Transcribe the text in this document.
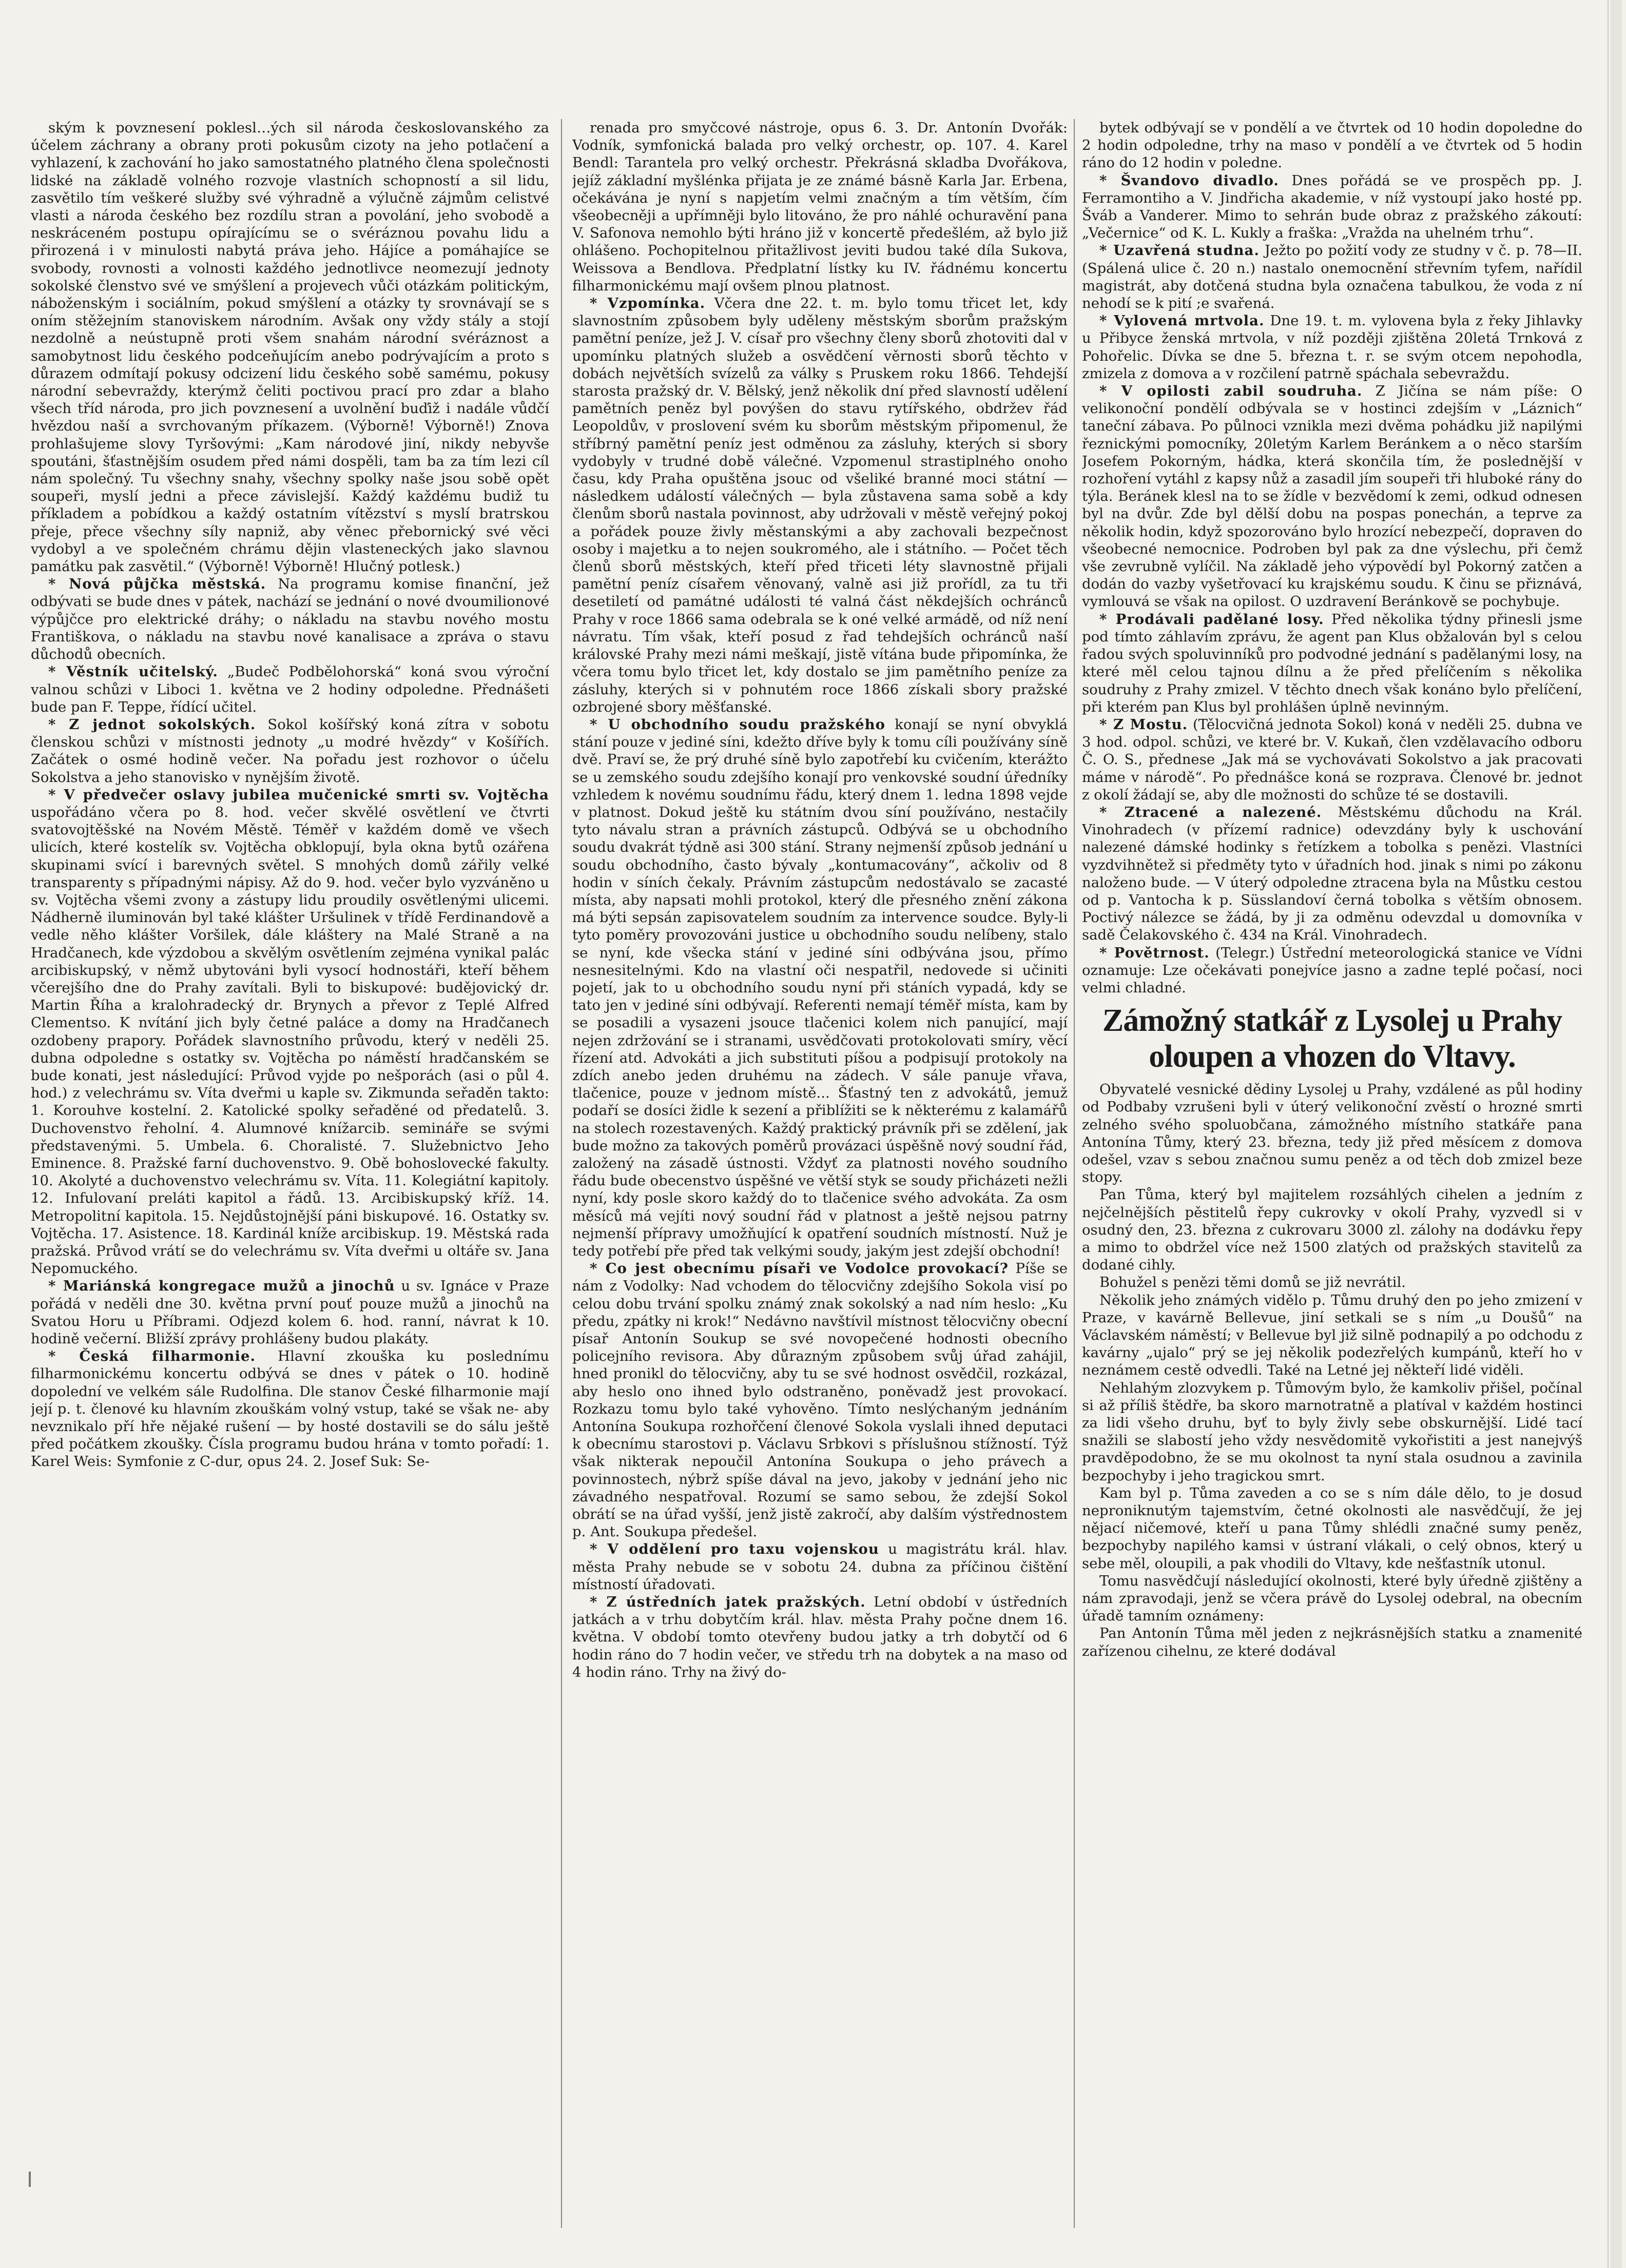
ským k povznesení poklesl…ých sil národa českoslovanského za účelem záchrany a obrany proti pokusům cizoty na jeho potlačení a vyhlazení, k zachování ho jako samostatného platného člena společnosti lidské na základě volného rozvoje vlastních schopností a sil lidu, zasvětilo tím veškeré služby své výhradně a výlučně zájmům celistvé vlasti a národa českého bez rozdílu stran a povolání, jeho svobodě a neskráceném postupu opírajícímu se o svéráznou povahu lidu a přirozená i v minulosti nabytá práva jeho. Hájíce a pomáhajíce se svobody, rovnosti a volnosti každého jednotlivce neomezují jednoty sokolské členstvo své ve smýšlení a projevech vůči otázkám politickým, náboženským i sociálním, pokud smýšlení a otázky ty srovnávají se s oním stěžejním stanoviskem národním. Avšak ony vždy stály a stojí nezdolně a neústupně proti všem snahám národní svéráznost a samobytnost lidu českého podceňujícím anebo podrývajícím a proto s důrazem odmítají pokusy odcizení lidu českého sobě samému, pokusy národní sebevraždy, kterýmž čeliti poctivou prací pro zdar a blaho všech tříd národa, pro jich povznesení a uvolnění buďiž i nadále vůdčí hvězdou naší a svrchovaným příkazem. (Výborně! Výborně!) Znova prohlašujeme slovy Tyršovými: „Kam národové jiní, nikdy nebyvše spoutáni, šťastnějším osudem před námi dospěli, tam ba za tím lezi cíl nám společný. Tu všechny snahy, všechny spolky naše jsou sobě opět soupeři, myslí jedni a přece závislejší. Každý každému budiž tu příkladem a pobídkou a každý ostatním vítězství s myslí bratrskou přeje, přece všechny síly napniž, aby věnec přebornický své věci vydobyl a ve společném chrámu dějin vlasteneckých jako slavnou památku pak zasvětil.“ (Výborně! Výborně! Hlučný potlesk.)

* Nová půjčka městská. Na programu komise finanční, jež odbývati se bude dnes v pátek, nachází se jednání o nové dvoumilionové výpůjčce pro elektrické dráhy; o nákladu na stavbu nového mostu Františkova, o nákladu na stavbu nové kanalisace a zpráva o stavu důchodů obecních.

* Věstník učitelský. „Budeč Podbělohorská“ koná svou výroční valnou schůzi v Liboci 1. května ve 2 hodiny odpoledne. Přednášeti bude pan F. Teppe, řídící učitel.

* Z jednot sokolských. Sokol košířský koná zítra v sobotu členskou schůzi v místnosti jednoty „u modré hvězdy“ v Košířích. Začátek o osmé hodině večer. Na pořadu jest rozhovor o účelu Sokolstva a jeho stanovisko v nynějším životě.

* V předvečer oslavy jubilea mučenické smrti sv. Vojtěcha uspořádáno včera po 8. hod. večer skvělé osvětlení ve čtvrti svatovojtěšské na Novém Městě. Téměř v každém domě ve všech ulicích, které kostelík sv. Vojtěcha obklopují, byla okna bytů ozářena skupinami svící i barevných světel. S mnohých domů zářily velké transparenty s případnými nápisy. Až do 9. hod. večer bylo vyzváněno u sv. Vojtěcha všemi zvony a zástupy lidu proudily osvětlenými ulicemi. Nádherně iluminován byl také klášter Uršulinek v třídě Ferdinandově a vedle něho klášter Voršilek, dále kláštery na Malé Straně a na Hradčanech, kde výzdobou a skvělým osvětlením zejména vynikal palác arcibiskupský, v němž ubytováni byli vysocí hodnostáři, kteří během včerejšího dne do Prahy zavítali. Byli to biskupové: budějovický dr. Martin Říha a kralohradecký dr. Brynych a převor z Teplé Alfred Clementso. K nvítání jich byly četné paláce a domy na Hradčanech ozdobeny prapory. Pořádek slavnostního průvodu, který v neděli 25. dubna odpoledne s ostatky sv. Vojtěcha po náměstí hradčanském se bude konati, jest následující: Průvod vyjde po nešporách (asi o půl 4. hod.) z velechrámu sv. Víta dveřmi u kaple sv. Zikmunda seřaděn takto: 1. Korouhve kostelní. 2. Katolické spolky seřaděné od předatelů. 3. Duchovenstvo řeholní. 4. Alumnové knížarcib. semináře se svými představenými. 5. Umbela. 6. Choralisté. 7. Služebnictvo Jeho Eminence. 8. Pražské farní duchovenstvo. 9. Obě bohoslovecké fakulty. 10. Akolyté a duchovenstvo velechrámu sv. Víta. 11. Kolegiátní kapitoly. 12. Infulovaní preláti kapitol a řádů. 13. Arcibiskupský kříž. 14. Metropolitní kapitola. 15. Nejdůstojnější páni biskupové. 16. Ostatky sv. Vojtěcha. 17. Asistence. 18. Kardinál kníže arcibiskup. 19. Městská rada pražská. Průvod vrátí se do velechrámu sv. Víta dveřmi u oltáře sv. Jana Nepomuckého.

* Mariánská kongregace mužů a jinochů u sv. Ignáce v Praze pořádá v neděli dne 30. května první pouť pouze mužů a jinochů na Svatou Horu u Příbrami. Odjezd kolem 6. hod. ranní, návrat k 10. hodině večerní. Bližší zprávy prohlášeny budou plakáty.

* Česká filharmonie. Hlavní zkouška ku poslednímu filharmonickému koncertu odbývá se dnes v pátek o 10. hodině dopolední ve velkém sále Rudolfina. Dle stanov České filharmonie mají její p. t. členové ku hlavním zkouškám volný vstup, také se však ne- aby nevznikalo pří hře nějaké rušení — by hosté dostavili se do sálu ještě před počátkem zkoušky. Čísla programu budou hrána v tomto pořadí: 1. Karel Weis: Symfonie z C-dur, opus 24. 2. Josef Suk: Se-

renada pro smyčcové nástroje, opus 6. 3. Dr. Antonín Dvořák: Vodník, symfonická balada pro velký orchestr, op. 107. 4. Karel Bendl: Tarantela pro velký orchestr. Překrásná skladba Dvořákova, jejíž základní myšlénka přijata je ze známé básně Karla Jar. Erbena, očekávána je nyní s napjetím velmi značným a tím větším, čím všeobecněji a upřímněji bylo litováno, že pro náhlé ochuravění pana V. Safonova nemohlo býti hráno již v koncertě předešlém, až bylo již ohlášeno. Pochopitelnou přitažlivost jeviti budou také díla Sukova, Weissova a Bendlova. Předplatní lístky ku IV. řádnému koncertu filharmonickému mají ovšem plnou platnost.

* Vzpomínka. Včera dne 22. t. m. bylo tomu třicet let, kdy slavnostním způsobem byly uděleny městským sborům pražským pamětní peníze, jež J. V. císař pro všechny členy sborů zhotoviti dal v upomínku platných služeb a osvědčení věrnosti sborů těchto v dobách největších svízelů za války s Pruskem roku 1866. Tehdejší starosta pražský dr. V. Bělský, jenž několik dní před slavností udělení pamětních peněz byl povýšen do stavu rytířského, obdržev řád Leopoldův, v proslovení svém ku sborům městským připomenul, že stříbrný pamětní peníz jest odměnou za zásluhy, kterých si sbory vydobyly v trudné době válečné. Vzpomenul strastiplného onoho času, kdy Praha opuštěna jsouc od všeliké branné moci státní — následkem událostí válečných — byla zůstavena sama sobě a kdy členům sborů nastala povinnost, aby udržovali v městě veřejný pokoj a pořádek pouze živly městanskými a aby zachovali bezpečnost osoby i majetku a to nejen soukromého, ale i státního. — Počet těch členů sborů městských, kteří před třiceti léty slavnostně přijali pamětní peníz císařem věnovaný, valně asi již prořídl, za tu tři desetiletí od památné události té valná část někdejších ochránců Prahy v roce 1866 sama odebrala se k oné velké armádě, od níž není návratu. Tím však, kteří posud z řad tehdejších ochránců naší královské Prahy mezi námi meškají, jistě vítána bude připomínka, že včera tomu bylo třicet let, kdy dostalo se jim pamětního peníze za zásluhy, kterých si v pohnutém roce 1866 získali sbory pražské ozbrojené sbory měšťanské.

* U obchodního soudu pražského konají se nyní obvyklá stání pouze v jediné síni, kdežto dříve byly k tomu cíli používány síně dvě. Praví se, že prý druhé síně bylo zapotřebí ku cvičením, kterážto se u zemského soudu zdejšího konají pro venkovské soudní úředníky vzhledem k novému soudnímu řádu, který dnem 1. ledna 1898 vejde v platnost. Dokud ještě ku státním dvou síní používáno, nestačily tyto návalu stran a právních zástupců. Odbývá se u obchodního soudu dvakrát týdně asi 300 stání. Strany nejmenší způsob jednání u soudu obchodního, často bývaly „kontumacovány“, ačkoliv od 8 hodin v síních čekaly. Právním zástupcům nedostávalo se zacasté místa, aby napsati mohli protokol, který dle přesného znění zákona má býti sepsán zapisovatelem soudním za intervence soudce. Byly-li tyto poměry provozováni justice u obchodního soudu nelíbeny, stalo se nyní, kde všecka stání v jediné síni odbývána jsou, přímo nesnesitelnými. Kdo na vlastní oči nespatřil, nedovede si učiniti pojetí, jak to u obchodního soudu nyní při stáních vypadá, kdy se tato jen v jediné síni odbývají. Referenti nemají téměř místa, kam by se posadili a vysazeni jsouce tlačenici kolem nich panující, mají nejen zdržování se i stranami, usvědčovati protokolovati smíry, věcí řízení atd. Advokáti a jich substituti píšou a podpisují protokoly na zdích anebo jeden druhému na zádech. V sále panuje vřava, tlačenice, pouze v jednom místě... Šťastný ten z advokátů, jemuž podaří se dosíci židle k sezení a přiblížiti se k některému z kalamářů na stolech rozestavených. Každý praktický právník při se zdělení, jak bude možno za takových poměrů provázaci úspěšně nový soudní řád, založený na zásadě ústnosti. Vždyť za platnosti nového soudního řádu bude obecenstvo úspěšné ve větší styk se soudy přicházeti nežli nyní, kdy posle skoro každý do to tlačenice svého advokáta. Za osm měsíců má vejíti nový soudní řád v platnost a ještě nejsou patrny nejmenší přípravy umožňující k opatření soudních místností. Nuž je tedy potřebí pře před tak velkými soudy, jakým jest zdejší obchodní!

* Co jest obecnímu písaři ve Vodolce provokací? Píše se nám z Vodolky: Nad vchodem do tělocvičny zdejšího Sokola visí po celou dobu trvání spolku známý znak sokolský a nad ním heslo: „Ku předu, zpátky ni krok!“ Nedávno navštívil místnost tělocvičny obecní písař Antonín Soukup se své novopečené hodnosti obecního policejního revisora. Aby důrazným způsobem svůj úřad zahájil, hned pronikl do tělocvičny, aby tu se své hodnost osvědčil, rozkázal, aby heslo ono ihned bylo odstraněno, poněvadž jest provokací. Rozkazu tomu bylo také vyhověno. Tímto neslýchaným jednáním Antonína Soukupa rozhořčení členové Sokola vyslali ihned deputaci k obecnímu starostovi p. Václavu Srbkovi s příslušnou stížností. Týž však nikterak nepoučil Antonína Soukupa o jeho právech a povinnostech, nýbrž spíše dával na jevo, jakoby v jednání jeho nic závadného nespatřoval. Rozumí se samo sebou, že zdejší Sokol obrátí se na úřad vyšší, jenž jistě zakročí, aby dalším výstřednostem p. Ant. Soukupa předešel.

* V oddělení pro taxu vojenskou u magistrátu král. hlav. města Prahy nebude se v sobotu 24. dubna za příčinou čištění místností úřadovati.

* Z ústředních jatek pražských. Letní období v ústředních jatkách a v trhu dobytčím král. hlav. města Prahy počne dnem 16. května. V období tomto otevřeny budou jatky a trh dobytčí od 6 hodin ráno do 7 hodin večer, ve středu trh na dobytek a na maso od 4 hodin ráno. Trhy na živý do-

bytek odbývají se v pondělí a ve čtvrtek od 10 hodin dopoledne do 2 hodin odpoledne, trhy na maso v pondělí a ve čtvrtek od 5 hodin ráno do 12 hodin v poledne.

* Švandovo divadlo. Dnes pořádá se ve prospěch pp. J. Ferramontiho a V. Jindřicha akademie, v níž vystoupí jako hosté pp. Šváb a Vanderer. Mimo to sehrán bude obraz z pražského zákoutí: „Večernice“ od K. L. Kukly a fraška: „Vražda na uhelném trhu“.

* Uzavřená studna. Ježto po požití vody ze studny v č. p. 78—II. (Spálená ulice č. 20 n.) nastalo onemocnění střevním tyfem, nařídil magistrát, aby dotčená studna byla označena tabulkou, že voda z ní nehodí se k pití ;e svařená.

* Vylovená mrtvola. Dne 19. t. m. vylovena byla z řeky Jihlavky u Přibyce ženská mrtvola, v níž později zjištěna 20letá Trnková z Pohořelic. Dívka se dne 5. března t. r. se svým otcem nepohodla, zmizela z domova a v rozčilení patrně spáchala sebevraždu.

* V opilosti zabil soudruha. Z Jičína se nám píše: O velikonoční pondělí odbývala se v hostinci zdejším v „Láznich“ taneční zábava. Po půlnoci vznikla mezi dvěma pohádku již napilými řeznickými pomocníky, 20letým Karlem Beránkem a o něco starším Josefem Pokorným, hádka, která skončila tím, že poslednější v rozhoření vytáhl z kapsy nůž a zasadil jím soupeři tři hluboké rány do týla. Beránek klesl na to se žídle v bezvědomí k zemi, odkud odnesen byl na dvůr. Zde byl dělší dobu na pospas ponechán, a teprve za několik hodin, když spozorováno bylo hrozící nebezpečí, dopraven do všeobecné nemocnice. Podroben byl pak za dne výslechu, při čemž vše zevrubně vylíčil. Na základě jeho výpovědí byl Pokorný zatčen a dodán do vazby vyšetřovací ku krajskému soudu. K činu se přiznává, vymlouvá se však na opilost. O uzdravení Beránkově se pochybuje.

* Prodávali padělané losy. Před několika týdny přinesli jsme pod tímto záhlavím zprávu, že agent pan Klus obžalován byl s celou řadou svých spoluvinníků pro podvodné jednání s padělanými losy, na které měl celou tajnou dílnu a že před přelíčením s několika soudruhy z Prahy zmizel. V těchto dnech však konáno bylo přelíčení, při kterém pan Klus byl prohlášen úplně nevinným.

* Z Mostu. (Tělocvičná jednota Sokol) koná v neděli 25. dubna ve 3 hod. odpol. schůzi, ve které br. V. Kukaň, člen vzdělavacího odboru Č. O. S., přednese „Jak má se vychovávati Sokolstvo a jak pracovati máme v národě“. Po přednášce koná se rozprava. Členové br. jednot z okolí žádají se, aby dle možnosti do schůze té se dostavili.

* Ztracené a nalezené. Městskému důchodu na Král. Vinohradech (v přízemí radnice) odevzdány byly k uschování nalezené dámské hodinky s řetízkem a tobolka s penězi. Vlastníci vyzdvihnětež si předměty tyto v úřadních hod. jinak s nimi po zákonu naloženo bude. — V úterý odpoledne ztracena byla na Můstku cestou od p. Vantocha k p. Süsslandoví černá tobolka s větším obnosem. Poctivý nálezce se žádá, by ji za odměnu odevzdal u domovníka v sadě Čelakovského č. 434 na Král. Vinohradech.

* Povětrnost. (Telegr.) Ústřední meteorologická stanice ve Vídni oznamuje: Lze očekávati ponejvíce jasno a zadne teplé počasí, noci velmi chladné.

Zámožný statkář z Lysolej u Prahy oloupen a vhozen do Vltavy.

Obyvatelé vesnické dědiny Lysolej u Prahy, vzdálené as půl hodiny od Podbaby vzrušeni byli v úterý velikonoční zvěstí o hrozné smrti zelného svého spoluobčana, zámožného místního statkáře pana Antonína Tůmy, který 23. března, tedy již před měsícem z domova odešel, vzav s sebou značnou sumu peněz a od těch dob zmizel beze stopy.

Pan Tůma, který byl majitelem rozsáhlých cihelen a jedním z nejčelnějších pěstitelů řepy cukrovky v okolí Prahy, vyzvedl si v osudný den, 23. března z cukrovaru 3000 zl. zálohy na dodávku řepy a mimo to obdržel více než 1500 zlatých od pražských stavitelů za dodané cihly.

Bohužel s penězi těmi domů se již nevrátil.

Několik jeho známých vidělo p. Tůmu druhý den po jeho zmizení v Praze, v kavárně Bellevue, jiní setkali se s ním „u Doušů“ na Václavském náměstí; v Bellevue byl již silně podnapilý a po odchodu z kavárny „ujalo“ prý se jej několik podezřelých kumpánů, kteří ho v neznámem cestě odvedli. Také na Letné jej někteří lidé viděli.

Nehlahým zlozvykem p. Tůmovým bylo, že kamkoliv přišel, počínal si až příliš štědře, ba skoro marnotratně a platíval v každém hostinci za lidi všeho druhu, byť to byly živly sebe obskurnější. Lidé tací snažili se slabostí jeho vždy nesvědomitě vykořistiti a jest nanejvýš pravděpodobno, že se mu okolnost ta nyní stala osudnou a zavinila bezpochyby i jeho tragickou smrt.

Kam byl p. Tůma zaveden a co se s ním dále dělo, to je dosud neproniknutým tajemstvím, četné okolnosti ale nasvědčují, že jej nějací ničemové, kteří u pana Tůmy shlédli značné sumy peněz, bezpochyby napilého kamsi v ústraní vlákali, o celý obnos, který u sebe měl, oloupili, a pak vhodili do Vltavy, kde nešťastník utonul.

Tomu nasvědčují následující okolnosti, které byly úředně zjištěny a nám zpravodaji, jenž se včera právě do Lysolej odebral, na obecním úřadě tamním oznámeny:

Pan Antonín Tůma měl jeden z nejkrásnějších statku a znamenité zařízenou cihelnu, ze které dodával
